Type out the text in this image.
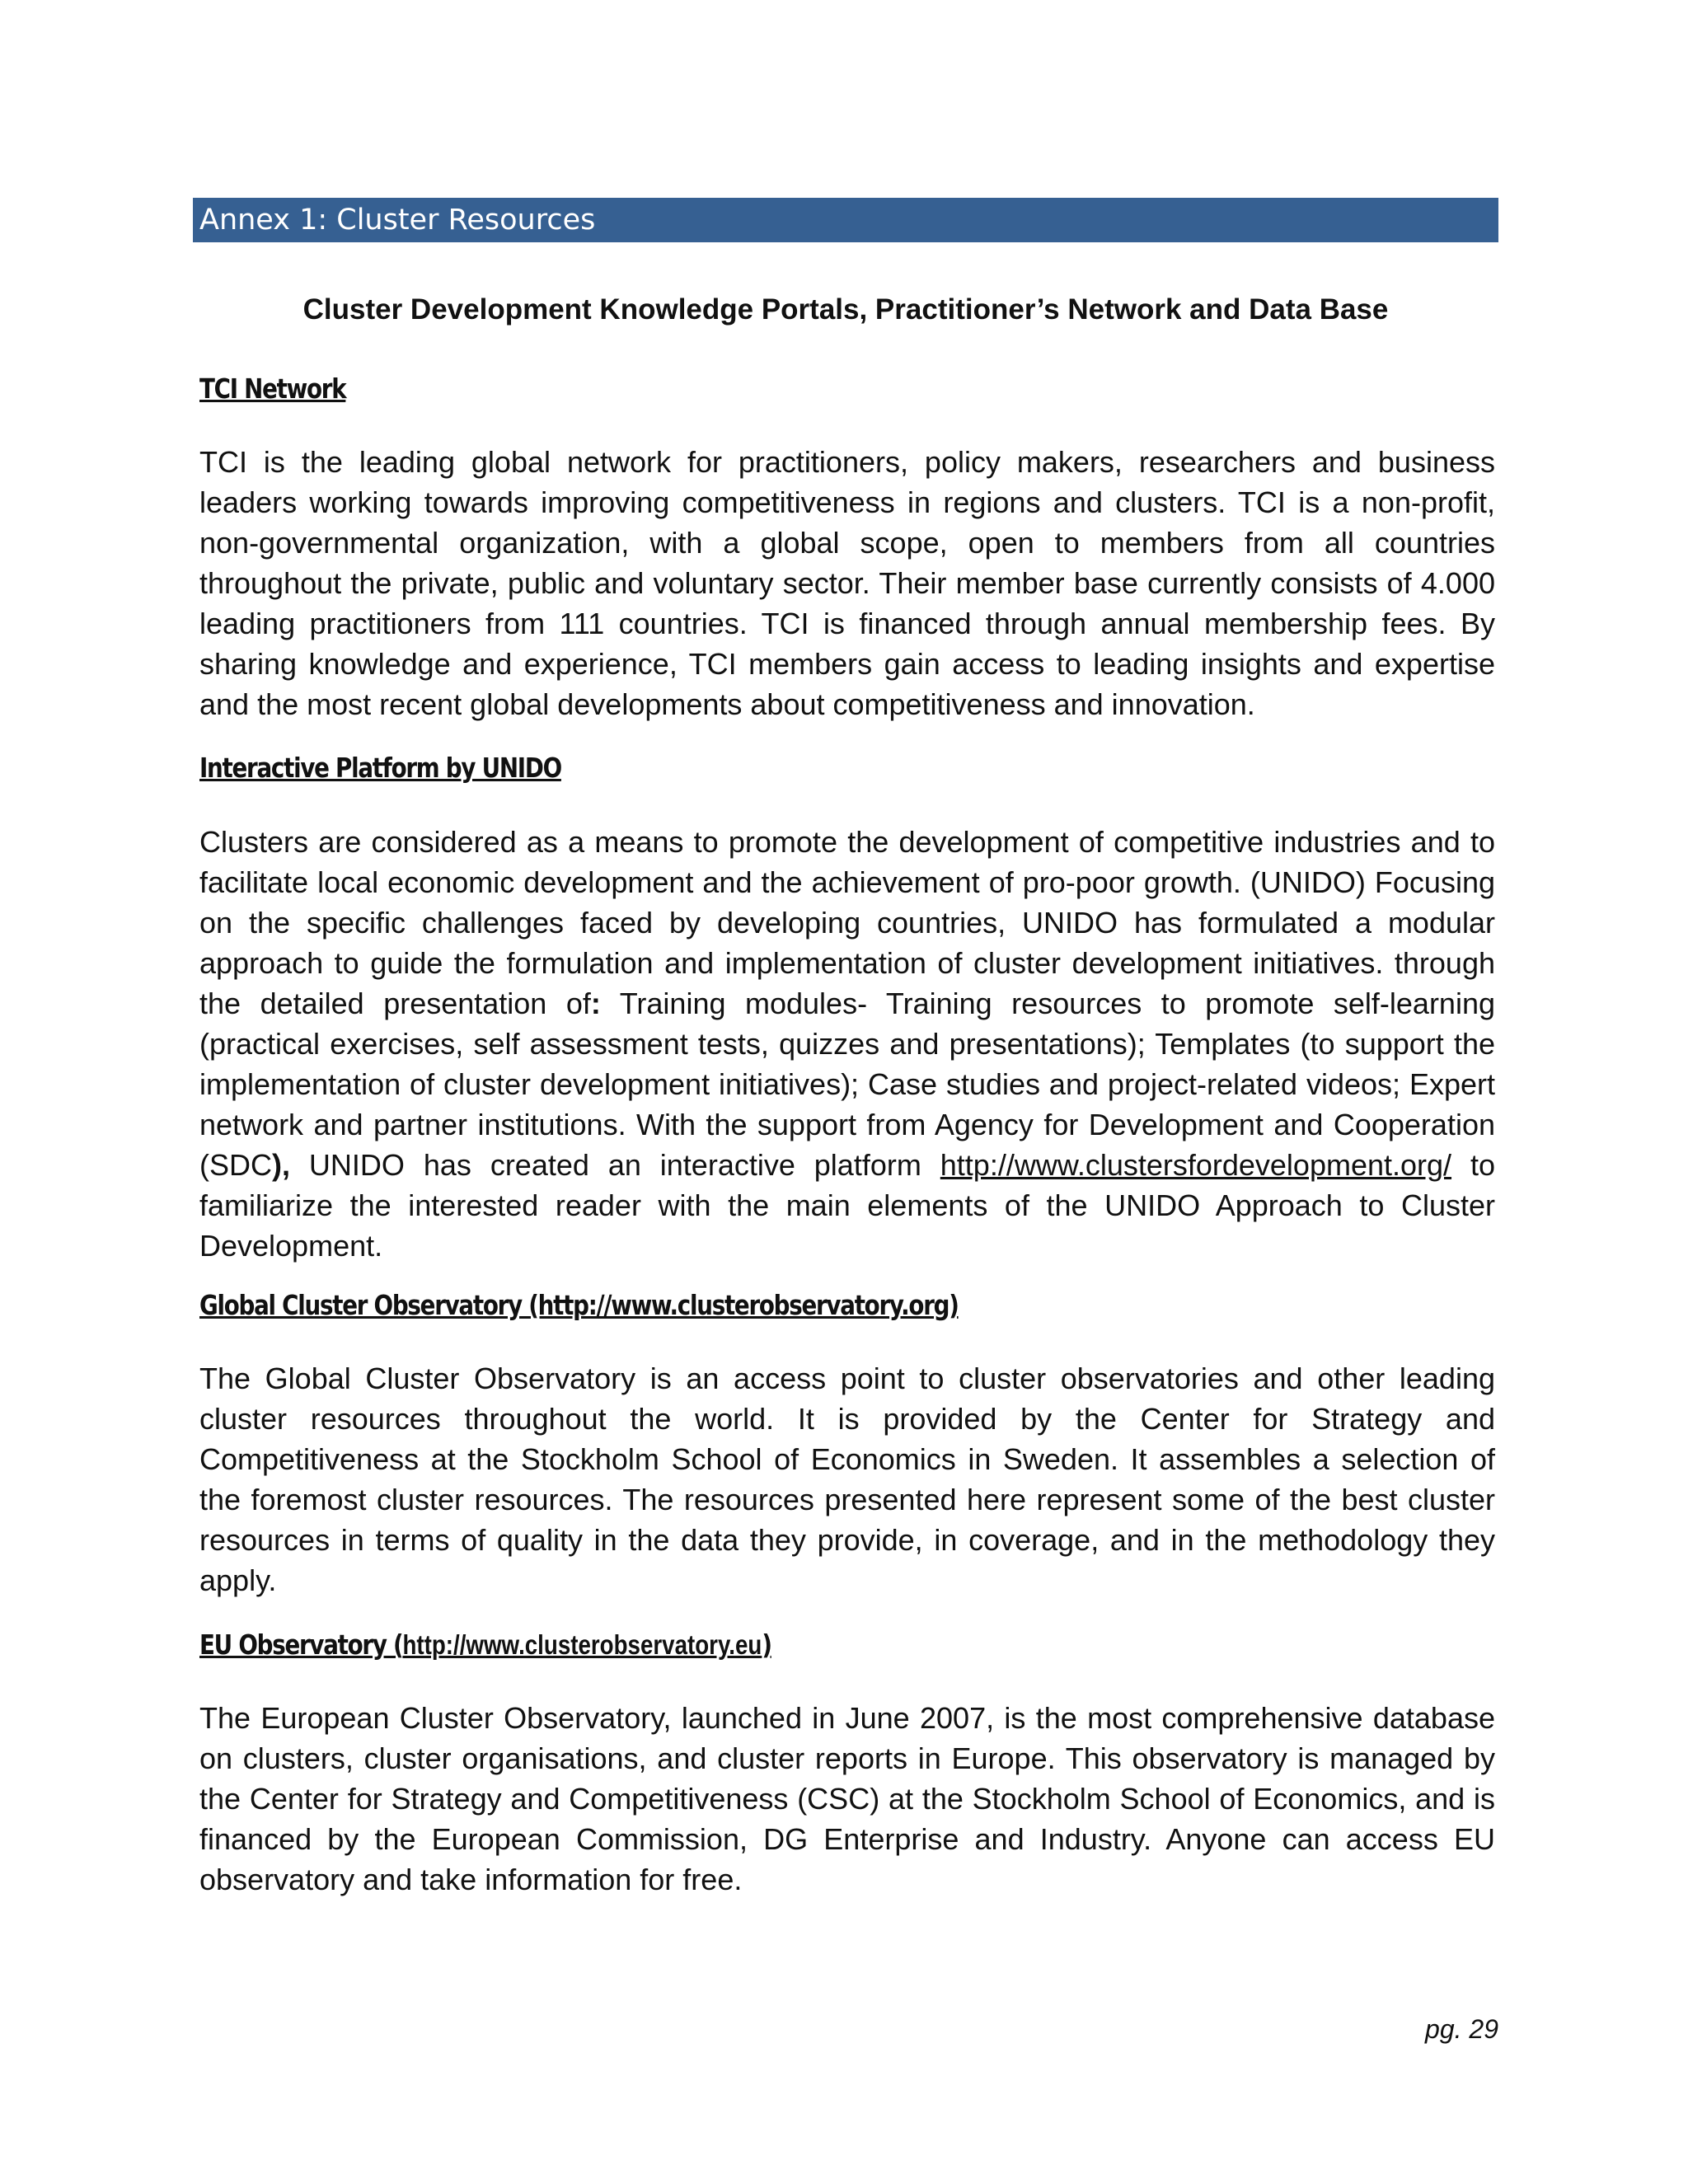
Annex 1: Cluster Resources
Cluster Development Knowledge Portals, Practitioner’s Network and Data Base
TCI Network

TCI is the leading global network for practitioners, policy makers, researchers and business leaders working towards improving competitiveness in regions and clusters. TCI is a non-profit, non-governmental organization, with a global scope, open to members from all countries throughout the private, public and voluntary sector. Their member base currently consists of 4.000 leading practitioners from 111 countries. TCI is financed through annual membership fees. By sharing knowledge and experience, TCI members gain access to leading insights and expertise and the most recent global developments about competitiveness and innovation.

Interactive Platform by UNIDO

Clusters are considered as a means to promote the development of competitive industries and to facilitate local economic development and the achievement of pro-poor growth. (UNIDO) Focusing on the specific challenges faced by developing countries, UNIDO has formulated a modular approach to guide the formulation and implementation of cluster development initiatives. through the detailed presentation of: Training modules- Training resources to promote self-learning (practical exercises, self assessment tests, quizzes and presentations); Templates (to support the implementation of cluster development initiatives); Case studies and project-related videos; Expert network and partner institutions. With the support from Agency for Development and Cooperation (SDC), UNIDO has created an interactive platform http://www.clustersfordevelopment.org/ to familiarize the interested reader with the main elements of the UNIDO Approach to Cluster Development.

Global Cluster Observatory (http://www.clusterobservatory.org)

The Global Cluster Observatory is an access point to cluster observatories and other leading cluster resources throughout the world. It is provided by the Center for Strategy and Competitiveness at the Stockholm School of Economics in Sweden. It assembles a selection of the foremost cluster resources. The resources presented here represent some of the best cluster resources in terms of quality in the data they provide, in coverage, and in the methodology they apply.

EU Observatory (http://www.clusterobservatory.eu)

The European Cluster Observatory, launched in June 2007, is the most comprehensive database on clusters, cluster organisations, and cluster reports in Europe. This observatory is managed by the Center for Strategy and Competitiveness (CSC) at the Stockholm School of Economics, and is financed by the European Commission, DG Enterprise and Industry. Anyone can access EU observatory and take information for free.

pg. 29
